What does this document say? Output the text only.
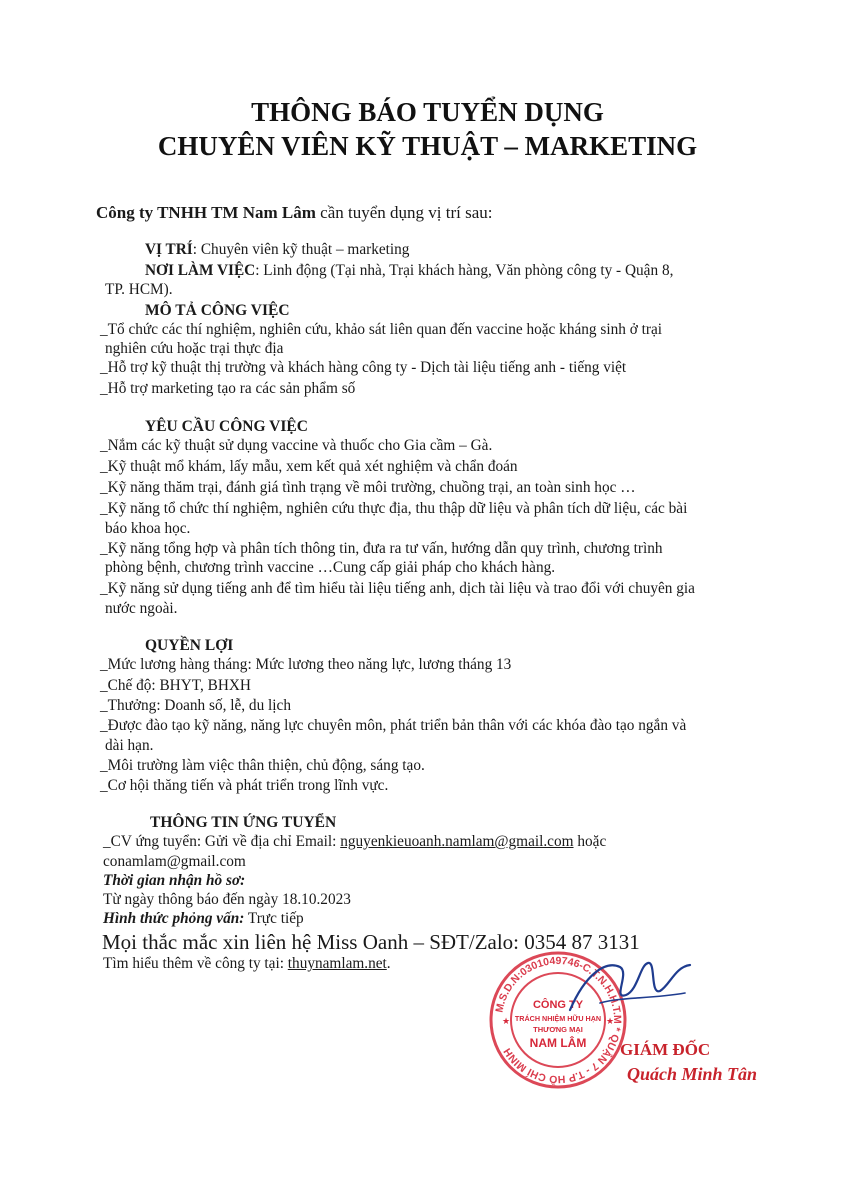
THÔNG BÁO TUYỂN DỤNG
CHUYÊN VIÊN KỸ THUẬT – MARKETING
Công ty TNHH TM Nam Lâm cần tuyển dụng vị trí sau:
VỊ TRÍ: Chuyên viên kỹ thuật – marketing
NƠI LÀM VIỆC: Linh động (Tại nhà, Trại khách hàng, Văn phòng công ty - Quận 8,
TP. HCM).
MÔ TẢ CÔNG VIỆC
_Tổ chức các thí nghiệm, nghiên cứu, khảo sát liên quan đến vaccine hoặc kháng sinh ở trại
nghiên cứu hoặc trại thực địa
_Hỗ trợ kỹ thuật thị trường và khách hàng công ty - Dịch tài liệu tiếng anh - tiếng việt
_Hỗ trợ marketing tạo ra các sản phẩm số
YÊU CẦU CÔNG VIỆC
_Nắm các kỹ thuật sử dụng vaccine và thuốc cho Gia cầm – Gà.
_Kỹ thuật mổ khám, lấy mẫu, xem kết quả xét nghiệm và chẩn đoán
_Kỹ năng thăm trại, đánh giá tình trạng về môi trường, chuồng trại, an toàn sinh học …
_Kỹ năng tổ chức thí nghiệm, nghiên cứu thực địa, thu thập dữ liệu và phân tích dữ liệu, các bài
báo khoa học.
_Kỹ năng tổng hợp và phân tích thông tin, đưa ra tư vấn, hướng dẫn quy trình, chương trình
phòng bệnh, chương trình vaccine …Cung cấp giải pháp cho khách hàng.
_Kỹ năng sử dụng tiếng anh để tìm hiểu tài liệu tiếng anh, dịch tài liệu và trao đổi với chuyên gia
nước ngoài.
QUYỀN LỢI
_Mức lương hàng tháng: Mức lương theo năng lực, lương tháng 13
_Chế độ: BHYT, BHXH
_Thưởng: Doanh số, lễ, du lịch
_Được đào tạo kỹ năng, năng lực chuyên môn, phát triển bản thân với các khóa đào tạo ngắn và
dài hạn.
_Môi trường làm việc thân thiện, chủ động, sáng tạo.
_Cơ hội thăng tiến và phát triển trong lĩnh vực.
THÔNG TIN ỨNG TUYỂN
_CV ứng tuyển: Gửi về địa chỉ Email: nguyenkieuoanh.namlam@gmail.com hoặc
conamlam@gmail.com
Thời gian nhận hồ sơ:
Từ ngày thông báo đến ngày 18.10.2023
Hình thức phỏng vấn: Trực tiếp
Mọi thắc mắc xin liên hệ Miss Oanh – SĐT/Zalo: 0354 87 3131
Tìm hiểu thêm về công ty tại: thuynamlam.net.
M.S.D.N:0301049746-C.T.N.H.H.T.M * QUẬN 7 - T.P HỒ CHÍ MINH
CÔNG TY
TRÁCH NHIỆM HỮU HẠN
THƯƠNG MẠI
NAM LÂM
★	★
GIÁM ĐỐC
Quách Minh Tân
